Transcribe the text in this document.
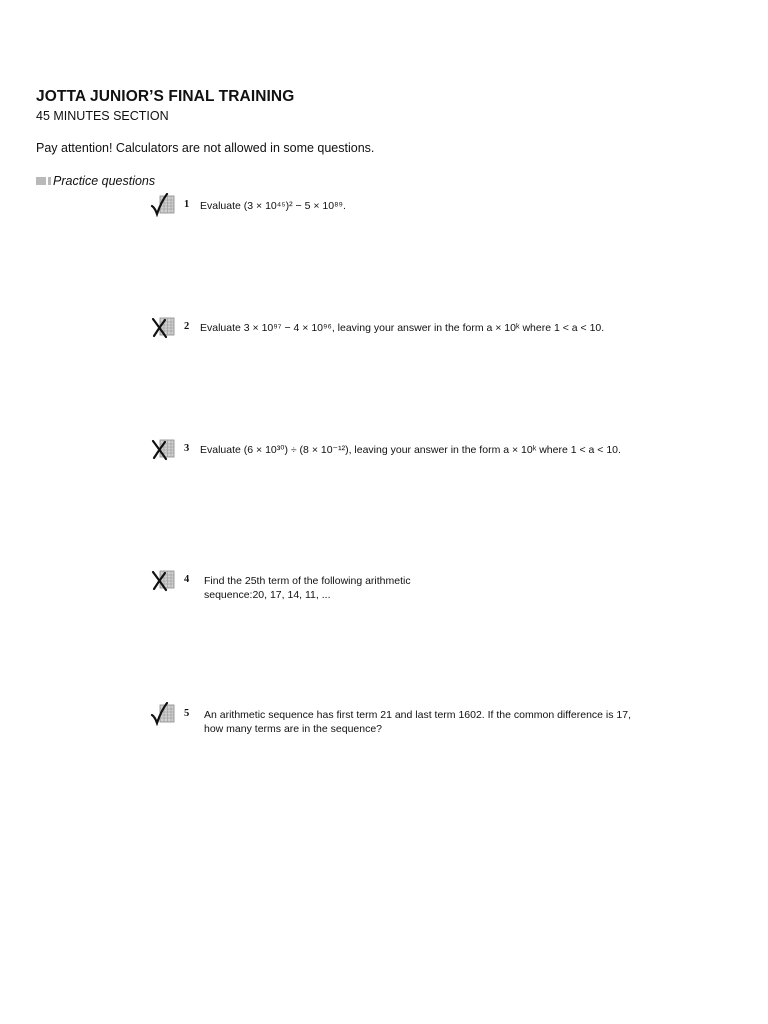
JOTTA JUNIOR’S FINAL TRAINING
45 MINUTES SECTION
Pay attention! Calculators are not allowed in some questions.
Practice questions
1 Evaluate (3 × 10⁴⁵)² − 5 × 10⁸⁹.
2 Evaluate 3 × 10⁹⁷ − 4 × 10⁹⁶, leaving your answer in the form a × 10ᵏ where 1 < a < 10.
3 Evaluate (6 × 10³⁰) ÷ (8 × 10⁻¹²), leaving your answer in the form a × 10ᵏ where 1 < a < 10.
4 Find the 25th term of the following arithmetic sequence:20, 17, 14, 11, ...
5 An arithmetic sequence has first term 21 and last term 1602. If the common difference is 17, how many terms are in the sequence?
